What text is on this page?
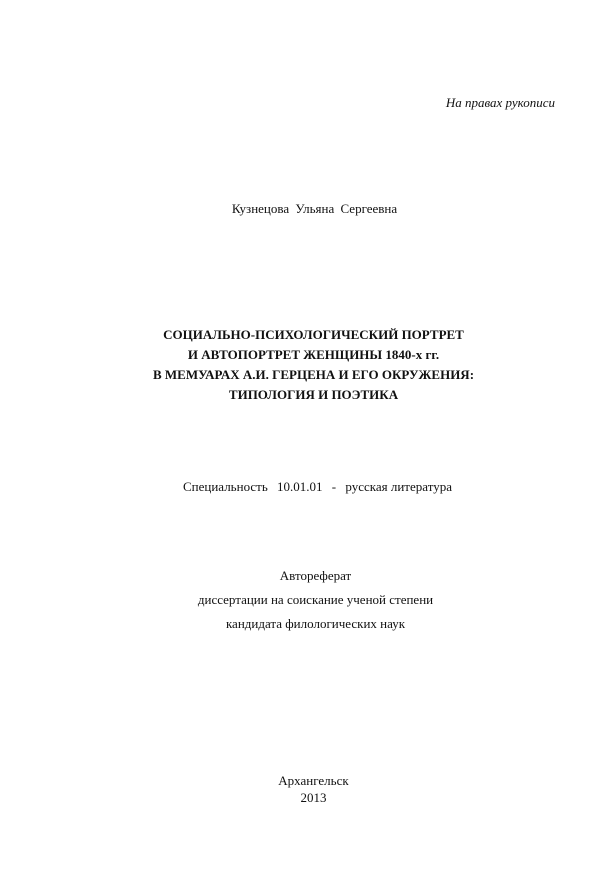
На правах рукописи
Кузнецова Ульяна Сергеевна
СОЦИАЛЬНО-ПСИХОЛОГИЧЕСКИЙ ПОРТРЕТ
И АВТОПОРТРЕТ ЖЕНЩИНЫ 1840-х гг.
В МЕМУАРАХ А.И. ГЕРЦЕНА И ЕГО ОКРУЖЕНИЯ:
ТИПОЛОГИЯ И ПОЭТИКА
Специальность 10.01.01 - русская литература
Автореферат
диссертации на соискание ученой степени
кандидата филологических наук
Архангельск
2013
